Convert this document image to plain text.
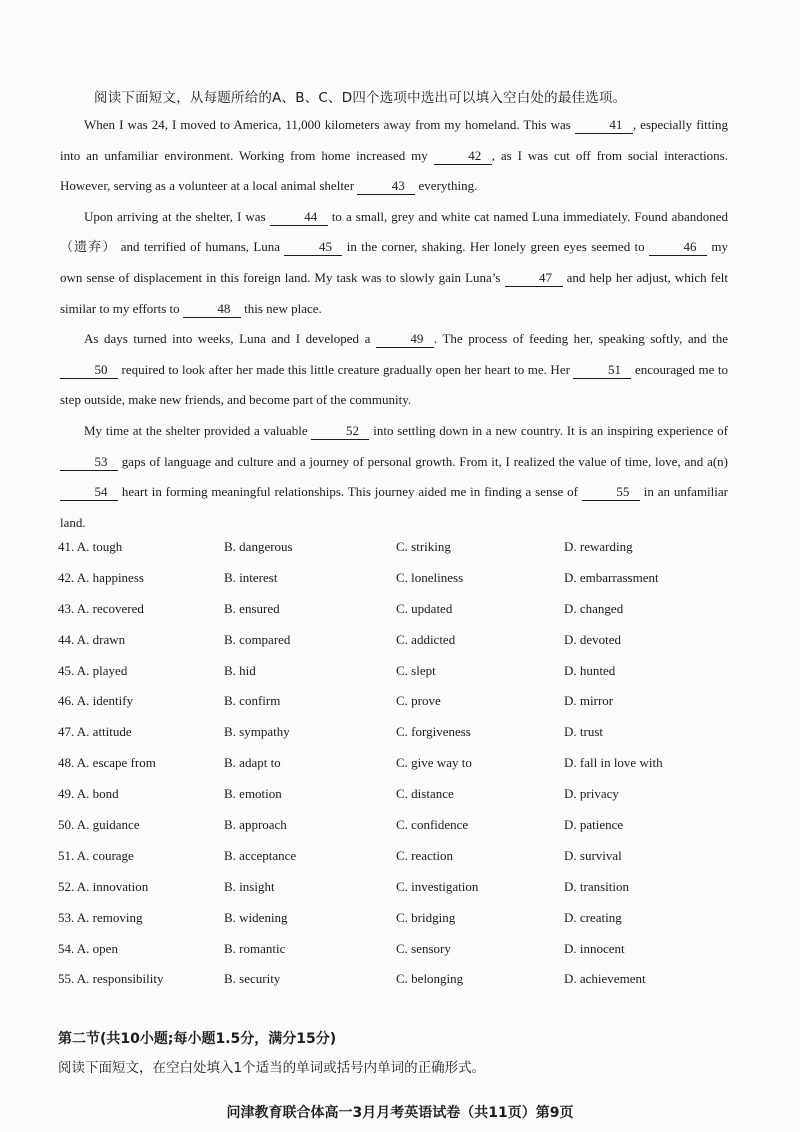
阅读下面短文，从每题所给的A、B、C、D四个选项中选出可以填入空白处的最佳选项。

When I was 24, I moved to America, 11,000 kilometers away from my homeland. This was	41 , especially fitting into an unfamiliar environment. Working from home increased my	42 , as I was cut off from social interactions. However, serving as a volunteer at a local animal shelter	43 everything.

Upon arriving at the shelter, I was	44 to a small, grey and white cat named Luna immediately. Found abandoned（遗弃） and terrified of humans, Luna	45 in the corner, shaking. Her lonely green eyes seemed to	46 my own sense of displacement in this foreign land. My task was to slowly gain Luna’s	47 and help her adjust, which felt similar to my efforts to	48 this new place.

As days turned into weeks, Luna and I developed a	49 . The process of feeding her, speaking softly, and the 50 required to look after her made this little creature gradually open her heart to me. Her	51 encouraged me to step outside, make new friends, and become part of the community.

My time at the shelter provided a valuable	52 into settling down in a new country. It is an inspiring experience of 53 gaps of language and culture and a journey of personal growth. From it, I realized the value of time, love, and a(n) 54 heart in forming meaningful relationships. This journey aided me in finding a sense of	55 in an unfamiliar land.

41. A. tough	B. dangerous	C. striking	D. rewarding
42. A. happiness	B. interest	C. loneliness	D. embarrassment
43. A. recovered	B. ensured	C. updated	D. changed
44. A. drawn	B. compared	C. addicted	D. devoted
45. A. played	B. hid	C. slept	D. hunted
46. A. identify	B. confirm	C. prove	D. mirror
47. A. attitude	B. sympathy	C. forgiveness	D. trust
48. A. escape from	B. adapt to	C. give way to	D. fall in love with
49. A. bond	B. emotion	C. distance	D. privacy
50. A. guidance	B. approach	C. confidence	D. patience
51. A. courage	B. acceptance	C. reaction	D. survival
52. A. innovation	B. insight	C. investigation	D. transition
53. A. removing	B. widening	C. bridging	D. creating
54. A. open	B. romantic	C. sensory	D. innocent
55. A. responsibility	B. security	C. belonging	D. achievement
第二节(共10小题;每小题1.5分，满分15分)
阅读下面短文，在空白处填入1个适当的单词或括号内单词的正确形式。
问津教育联合体高一3月月考英语试卷（共11页）第9页
